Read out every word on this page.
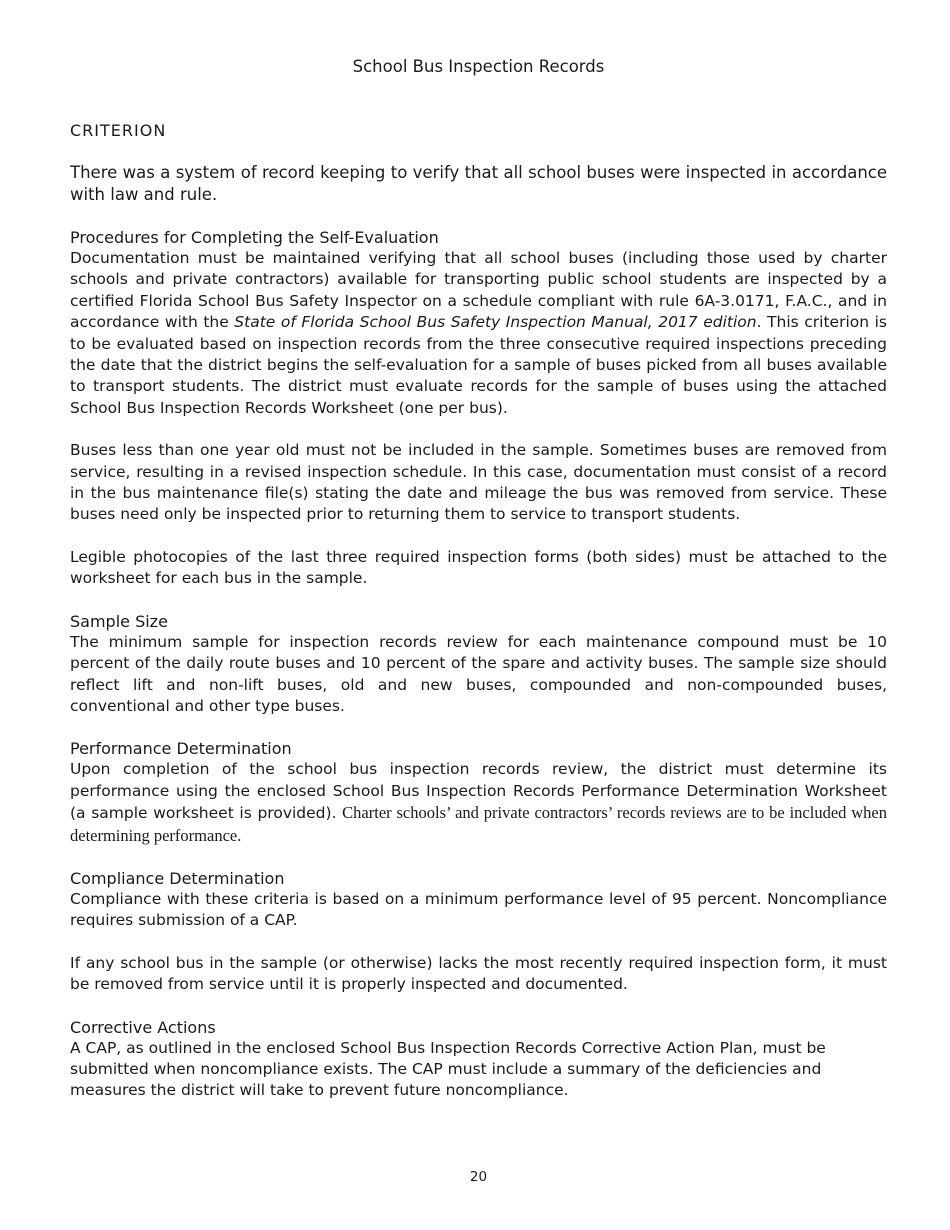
School Bus Inspection Records
CRITERION

There was a system of record keeping to verify that all school buses were inspected in accordance with law and rule.

Procedures for Completing the Self-Evaluation

Documentation must be maintained verifying that all school buses (including those used by charter schools and private contractors) available for transporting public school students are inspected by a certified Florida School Bus Safety Inspector on a schedule compliant with rule 6A-3.0171, F.A.C., and in accordance with the State of Florida School Bus Safety Inspection Manual, 2017 edition. This criterion is to be evaluated based on inspection records from the three consecutive required inspections preceding the date that the district begins the self-evaluation for a sample of buses picked from all buses available to transport students. The district must evaluate records for the sample of buses using the attached School Bus Inspection Records Worksheet (one per bus).

Buses less than one year old must not be included in the sample. Sometimes buses are removed from service, resulting in a revised inspection schedule. In this case, documentation must consist of a record in the bus maintenance file(s) stating the date and mileage the bus was removed from service. These buses need only be inspected prior to returning them to service to transport students.

Legible photocopies of the last three required inspection forms (both sides) must be attached to the worksheet for each bus in the sample.

Sample Size

The minimum sample for inspection records review for each maintenance compound must be 10 percent of the daily route buses and 10 percent of the spare and activity buses. The sample size should reflect lift and non-lift buses, old and new buses, compounded and non-compounded buses, conventional and other type buses.

Performance Determination

Upon completion of the school bus inspection records review, the district must determine its performance using the enclosed School Bus Inspection Records Performance Determination Worksheet (a sample worksheet is provided). Charter schools’ and private contractors’ records reviews are to be included when determining performance.

Compliance Determination

Compliance with these criteria is based on a minimum performance level of 95 percent. Noncompliance requires submission of a CAP.

If any school bus in the sample (or otherwise) lacks the most recently required inspection form, it must be removed from service until it is properly inspected and documented.

Corrective Actions

A CAP, as outlined in the enclosed School Bus Inspection Records Corrective Action Plan, must be submitted when noncompliance exists. The CAP must include a summary of the deficiencies and measures the district will take to prevent future noncompliance.

20
